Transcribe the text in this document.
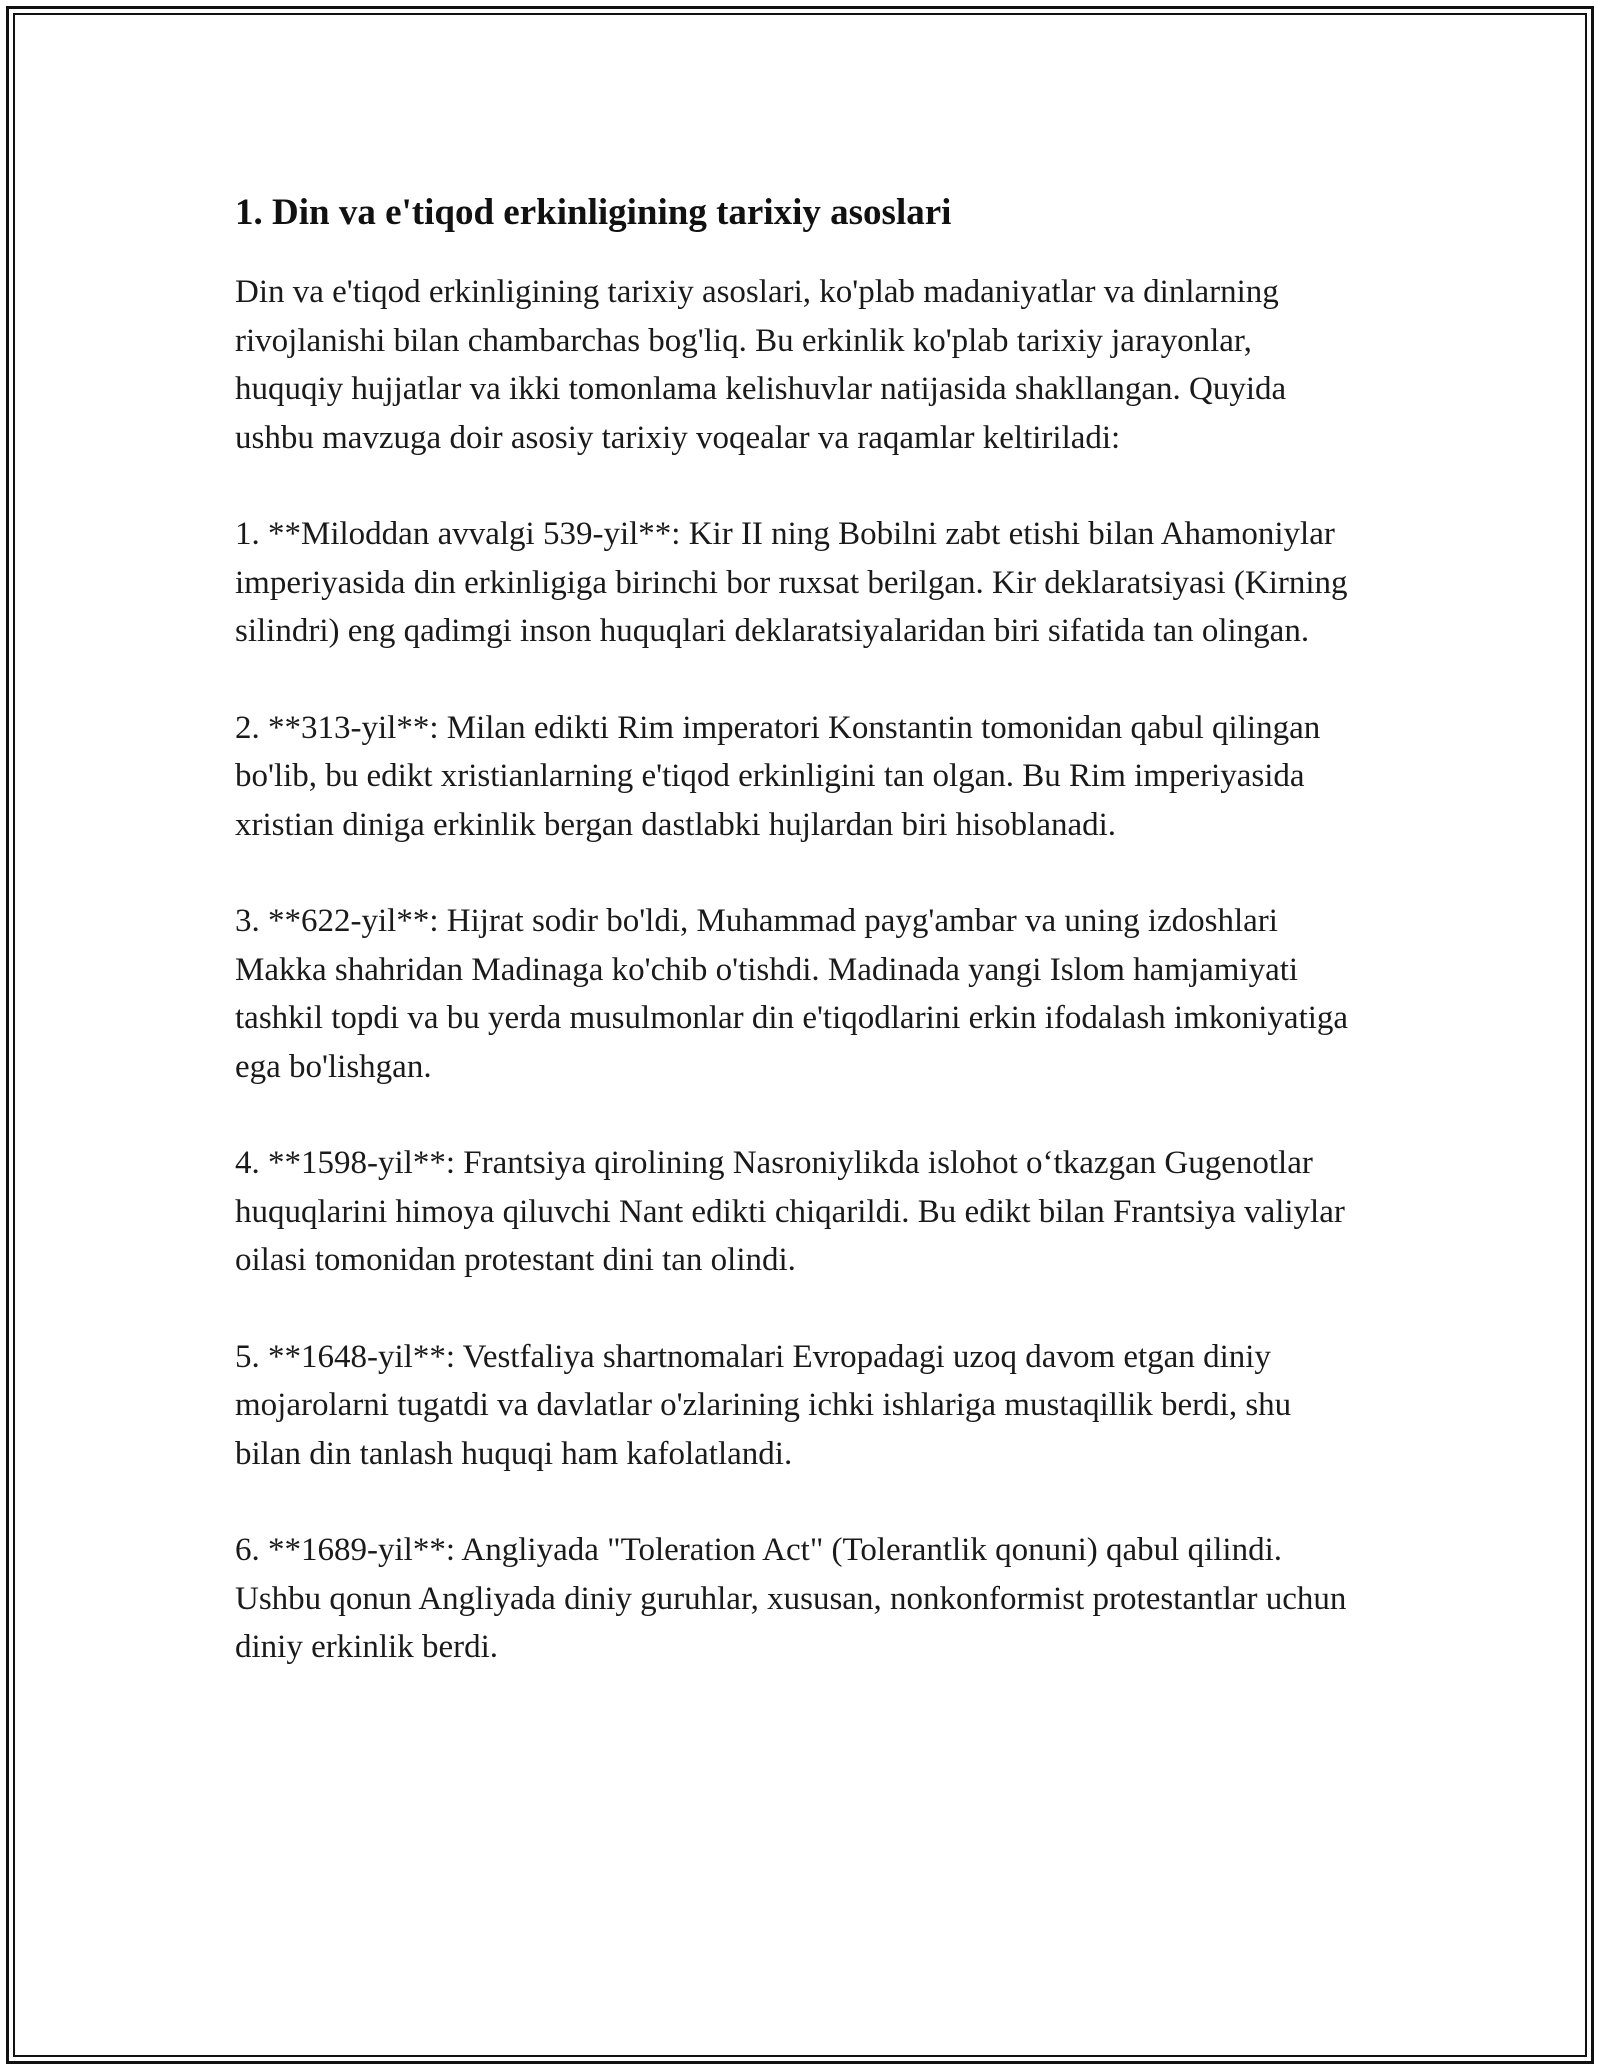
1. Din va e'tiqod erkinligining tarixiy asoslari

Din va e'tiqod erkinligining tarixiy asoslari, ko'plab madaniyatlar va dinlarning rivojlanishi bilan chambarchas bog'liq. Bu erkinlik ko'plab tarixiy jarayonlar, huquqiy hujjatlar va ikki tomonlama kelishuvlar natijasida shakllangan. Quyida ushbu mavzuga doir asosiy tarixiy voqealar va raqamlar keltiriladi:

1. **Miloddan avvalgi 539-yil**: Kir II ning Bobilni zabt etishi bilan Ahamoniylar imperiyasida din erkinligiga birinchi bor ruxsat berilgan. Kir deklaratsiyasi (Kirning silindri) eng qadimgi inson huquqlari deklaratsiyalaridan biri sifatida tan olingan.

2. **313-yil**: Milan edikti Rim imperatori Konstantin tomonidan qabul qilingan bo'lib, bu edikt xristianlarning e'tiqod erkinligini tan olgan. Bu Rim imperiyasida xristian diniga erkinlik bergan dastlabki hujlardan biri hisoblanadi.

3. **622-yil**: Hijrat sodir bo'ldi, Muhammad payg'ambar va uning izdoshlari Makka shahridan Madinaga ko'chib o'tishdi. Madinada yangi Islom hamjamiyati tashkil topdi va bu yerda musulmonlar din e'tiqodlarini erkin ifodalash imkoniyatiga ega bo'lishgan.

4. **1598-yil**: Frantsiya qirolining Nasroniylikda islohot o‘tkazgan Gugenotlar huquqlarini himoya qiluvchi Nant edikti chiqarildi. Bu edikt bilan Frantsiya valiylar oilasi tomonidan protestant dini tan olindi.

5. **1648-yil**: Vestfaliya shartnomalari Evropadagi uzoq davom etgan diniy mojarolarni tugatdi va davlatlar o'zlarining ichki ishlariga mustaqillik berdi, shu bilan din tanlash huquqi ham kafolatlandi.

6. **1689-yil**: Angliyada "Toleration Act" (Tolerantlik qonuni) qabul qilindi. Ushbu qonun Angliyada diniy guruhlar, xususan, nonkonformist protestantlar uchun diniy erkinlik berdi.
